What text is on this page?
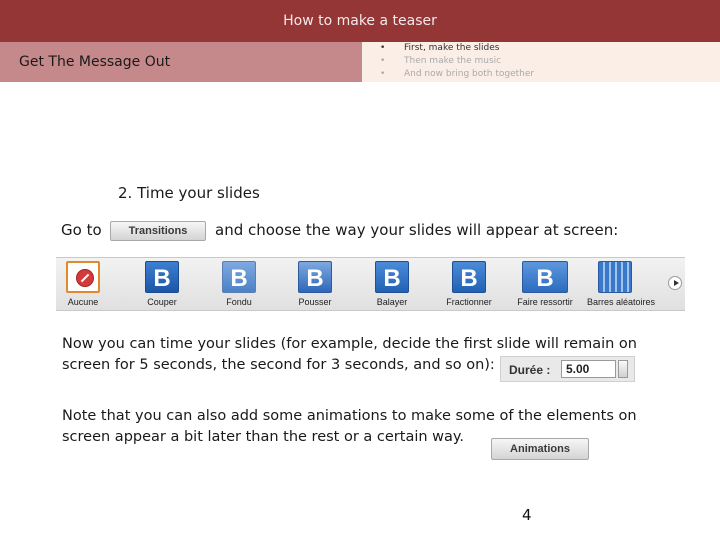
How to make a teaser
Get The Message Out
• First, make the slides
• Then make the music
• And now bring both together
2. Time your slides
Go to	Transitions	and choose the way your slides will appear at screen:
B	B	B	B	B	B
Aucune	Couper	Fondu	Pousser	Balayer	Fractionner	Faire ressortir	Barres aléatoires
Now you can time your slides (for example, decide the first slide will remain on screen for 5 seconds, the second for 3 seconds, and so on):	Durée :	5.00
Note that you can also add some animations to make some of the elements on screen appear a bit later than the rest or a certain way.
Animations
4
